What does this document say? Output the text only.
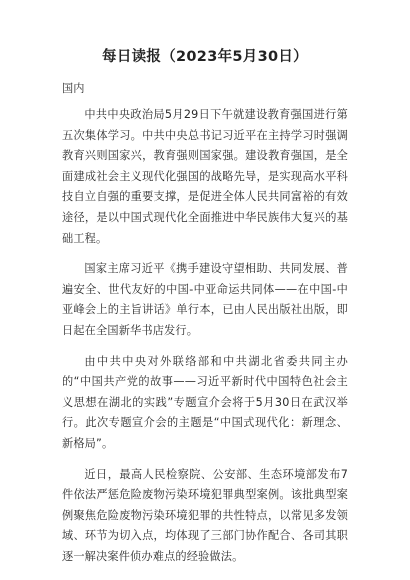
每日读报（2023年5月30日）
国内

中共中央政治局5月29日下午就建设教育强国进行第五次集体学习。中共中央总书记习近平在主持学习时强调教育兴则国家兴，教育强则国家强。建设教育强国，是全面建成社会主义现代化强国的战略先导，是实现高水平科技自立自强的重要支撑，是促进全体人民共同富裕的有效途径，是以中国式现代化全面推进中华民族伟大复兴的基础工程。

国家主席习近平《携手建设守望相助、共同发展、普遍安全、世代友好的中国-中亚命运共同体——在中国-中亚峰会上的主旨讲话》单行本，已由人民出版社出版，即日起在全国新华书店发行。

由中共中央对外联络部和中共湖北省委共同主办的“中国共产党的故事——习近平新时代中国特色社会主义思想在湖北的实践”专题宣介会将于5月30日在武汉举行。此次专题宣介会的主题是“中国式现代化：新理念、新格局”。

近日，最高人民检察院、公安部、生态环境部发布7件依法严惩危险废物污染环境犯罪典型案例。该批典型案例聚焦危险废物污染环境犯罪的共性特点，以常见多发领域、环节为切入点，均体现了三部门协作配合、各司其职逐一解决案件侦办难点的经验做法。
